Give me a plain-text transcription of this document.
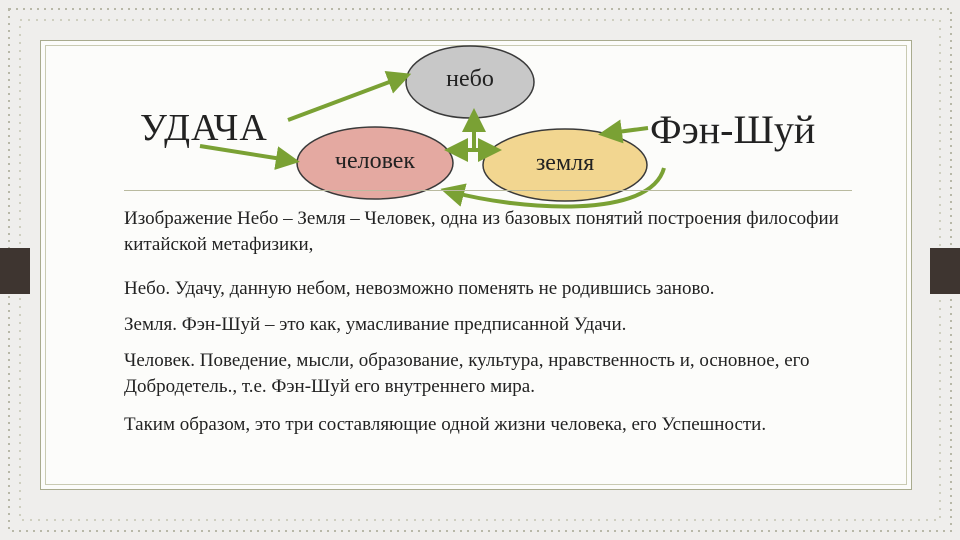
УДАЧА	Фэн-Шуй
небо
человек	земля

Изображение Небо – Земля – Человек, одна из базовых понятий построения философии китайской метафизики,

Небо. Удачу, данную небом, невозможно поменять не родившись заново.

Земля. Фэн-Шуй – это как, умасливание предписанной Удачи.

Человек. Поведение, мысли, образование, культура, нравственность и, основное, его Добродетель., т.е. Фэн-Шуй его внутреннего мира.

Таким образом, это три составляющие одной жизни человека, его Успешности.
